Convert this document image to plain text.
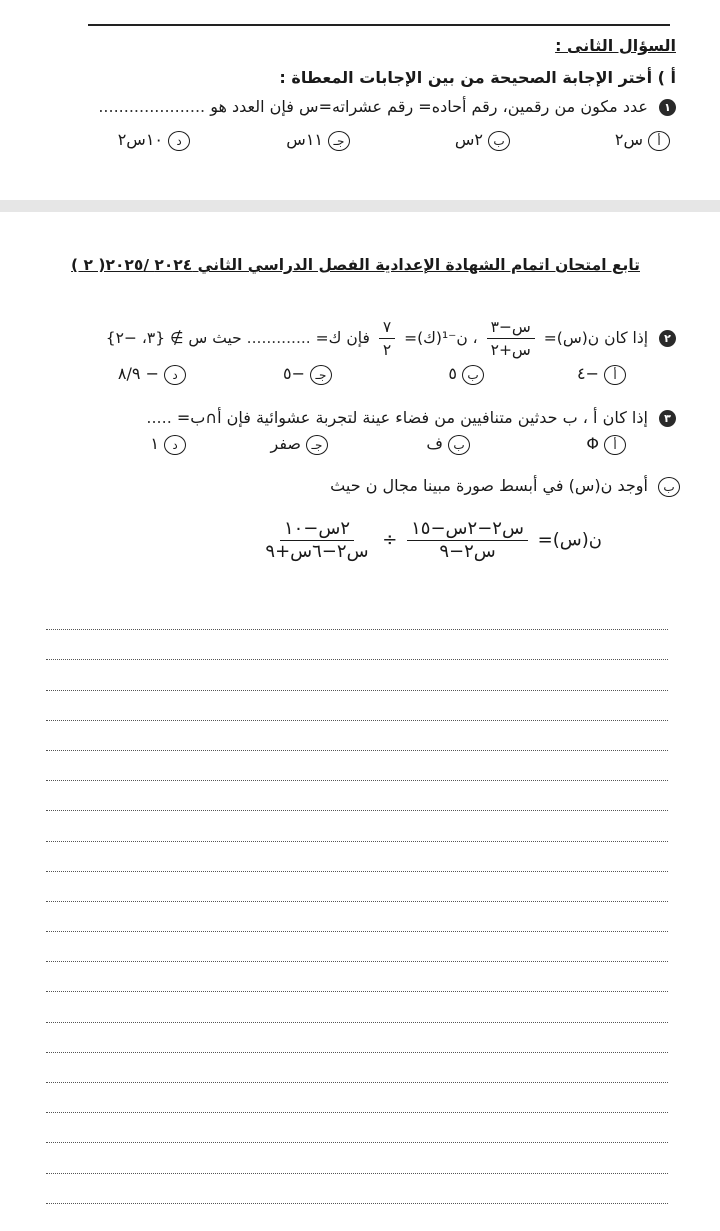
السؤال الثانى :
أ ) أختر الإجابة الصحيحة من بين الإجابات المعطاة :
١ عدد مكون من رقمين، رقم أحاده= رقم عشراته=س فإن العدد هو .....................
أس٢
ب٢س
جـ١١س
د١٠س٢
تابع امتحان اتمام الشهادة الإعدادية الفصل الدراسي الثاني ٢٠٢٤ /٢٠٢٥( ٢ )
٢ إذا كان ن(س)=
$\frac{\text{س−٣}}{\text{س+٢}}$
، ن⁻¹(ك)=
$\frac{٧}{٢}$
فإن ك= ............. حيث س ∌ {٣، −٢}
أ−٤
ب٥
جـ−٥
د− ٨/٩
٣ إذا كان أ ، ب حدثين متنافيين من فضاء عينة لتجربة عشوائية فإن أ∩ب= .....
أΦ
بف
جـصفر
د١
ب أوجد ن(س) في أبسط صورة مبينا مجال ن حيث
ن(س)=
$\frac{\text{س٢−٢س−١٥}}{\text{س٢−٩}}$
÷
$\frac{\text{٢س−١٠}}{\text{س٢−٦س+٩}}$
